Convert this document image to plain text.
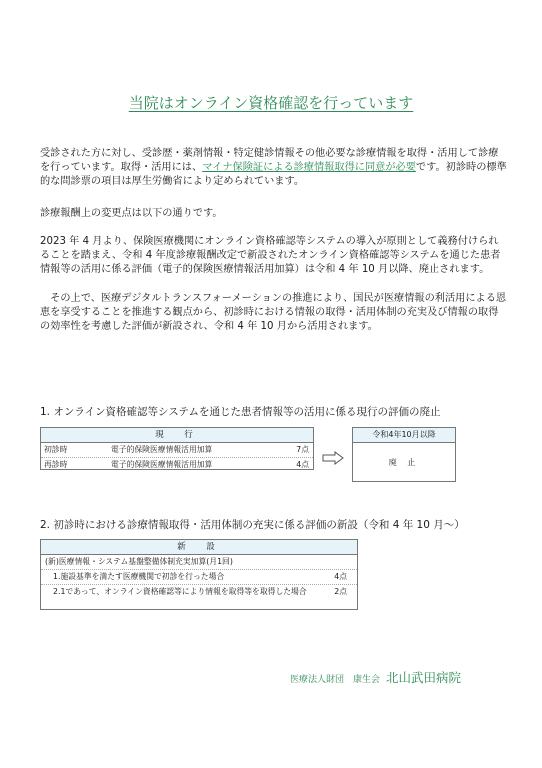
当院はオンライン資格確認を行っています

受診された方に対し、受診歴・薬剤情報・特定健診情報その他必要な診療情報を取得・活用して診療を行っています。取得・活用には、マイナ保険証による診療情報取得に同意が必要です。初診時の標準的な問診票の項目は厚生労働省により定められています。

診療報酬上の変更点は以下の通りです。

2023 年 4 月より、保険医療機関にオンライン資格確認等システムの導入が原則として義務付けられることを踏まえ、令和 4 年度診療報酬改定で新設されたオンライン資格確認等システムを通じた患者情報等の活用に係る評価（電子的保険医療情報活用加算）は令和 4 年 10 月以降、廃止されます。

　その上で、医療デジタルトランスフォーメーションの推進により、国民が医療情報の利活用による恩恵を享受することを推進する観点から、初診時における情報の取得・活用体制の充実及び情報の取得の効率性を考慮した評価が新設され、令和 4 年 10 月から活用されます。

1. オンライン資格確認等システムを通じた患者情報等の活用に係る現行の評価の廃止
現　行
初診時	電子的保険医療情報活用加算	7点
再診時	電子的保険医療情報活用加算	4点
令和4年10月以降
廃 止
2. 初診時における診療情報取得・活用体制の充実に係る評価の新設（令和 4 年 10 月～）
新　設
(新)医療情報・システム基盤整備体制充実加算(月1回)
1.施設基準を満たす医療機関で初診を行った場合	4点
2.1であって、オンライン資格確認等により情報を取得等を取得した場合	2点
医療法人財団　康生会 北山武田病院
